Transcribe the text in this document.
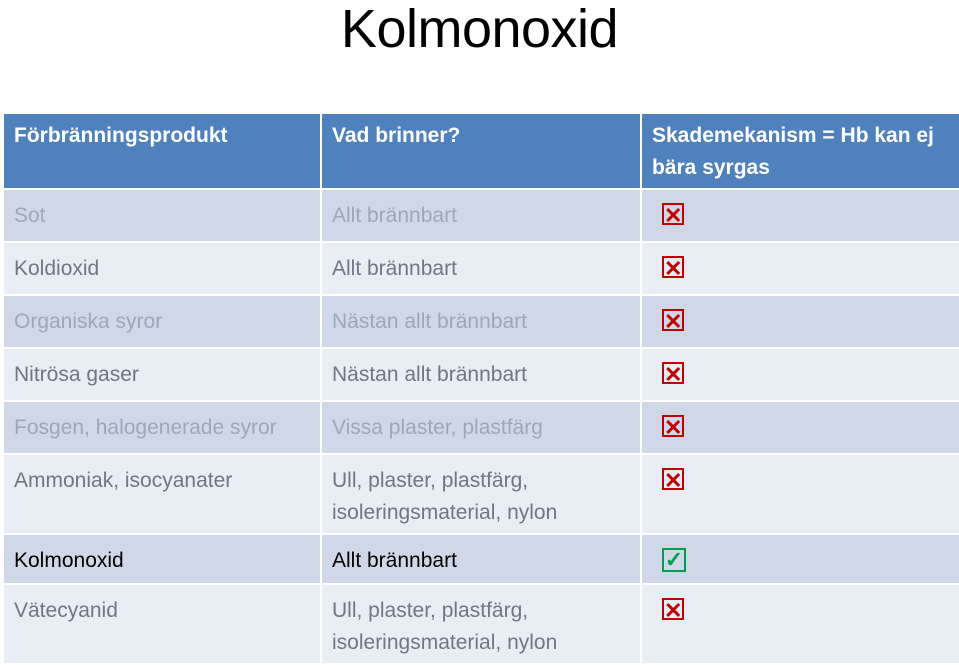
Kolmonoxid
Förbränningsprodukt	Vad brinner?	Skademekanism = Hb kan ej bära syrgas
Sot	Allt brännbart	✕
Koldioxid	Allt brännbart	✕
Organiska syror	Nästan allt brännbart	✕
Nitrösa gaser	Nästan allt brännbart	✕
Fosgen, halogenerade syror	Vissa plaster, plastfärg	✕
Ammoniak, isocyanater	Ull, plaster, plastfärg, isoleringsmaterial, nylon	✕
Kolmonoxid	Allt brännbart	✓
Vätecyanid	Ull, plaster, plastfärg, isoleringsmaterial, nylon	✕
